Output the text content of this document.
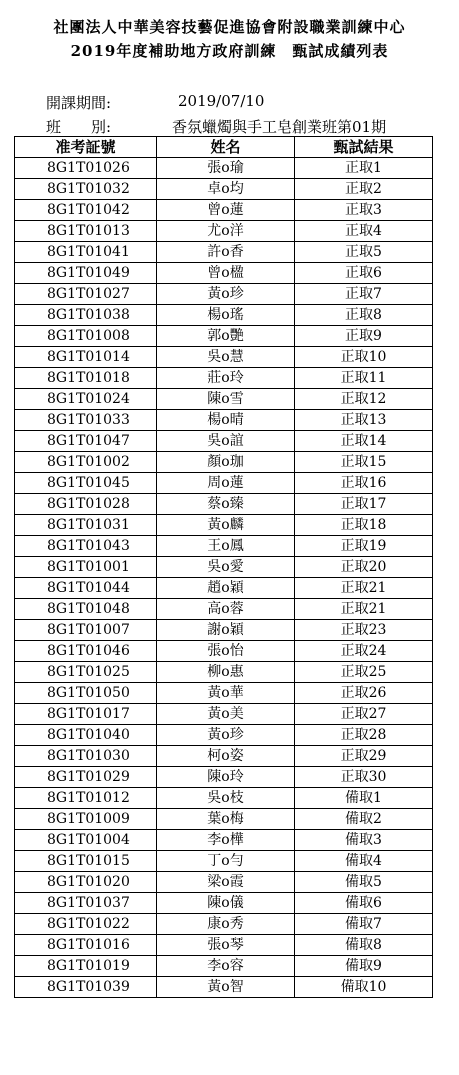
社團法人中華美容技藝促進協會附設職業訓練中心
2019年度補助地方政府訓練　甄試成績列表
開課期間:	2019/07/10
班　　別:	香氛蠟燭與手工皂創業班第01期
准考証號	姓名	甄試結果
8G1T01026	張o瑜	正取1
8G1T01032	卓o均	正取2
8G1T01042	曾o蓮	正取3
8G1T01013	尤o洋	正取4
8G1T01041	許o香	正取5
8G1T01049	曾o楹	正取6
8G1T01027	黃o珍	正取7
8G1T01038	楊o瑤	正取8
8G1T01008	郭o艷	正取9
8G1T01014	吳o慧	正取10
8G1T01018	莊o玲	正取11
8G1T01024	陳o雪	正取12
8G1T01033	楊o晴	正取13
8G1T01047	吳o誼	正取14
8G1T01002	顏o珈	正取15
8G1T01045	周o蓮	正取16
8G1T01028	蔡o臻	正取17
8G1T01031	黃o麟	正取18
8G1T01043	王o鳳	正取19
8G1T01001	吳o愛	正取20
8G1T01044	趙o穎	正取21
8G1T01048	高o蓉	正取21
8G1T01007	謝o穎	正取23
8G1T01046	張o怡	正取24
8G1T01025	柳o惠	正取25
8G1T01050	黃o華	正取26
8G1T01017	黃o美	正取27
8G1T01040	黃o珍	正取28
8G1T01030	柯o姿	正取29
8G1T01029	陳o玲	正取30
8G1T01012	吳o枝	備取1
8G1T01009	葉o梅	備取2
8G1T01004	李o樺	備取3
8G1T01015	丁o勻	備取4
8G1T01020	梁o霞	備取5
8G1T01037	陳o儀	備取6
8G1T01022	康o秀	備取7
8G1T01016	張o琴	備取8
8G1T01019	李o容	備取9
8G1T01039	黃o智	備取10
